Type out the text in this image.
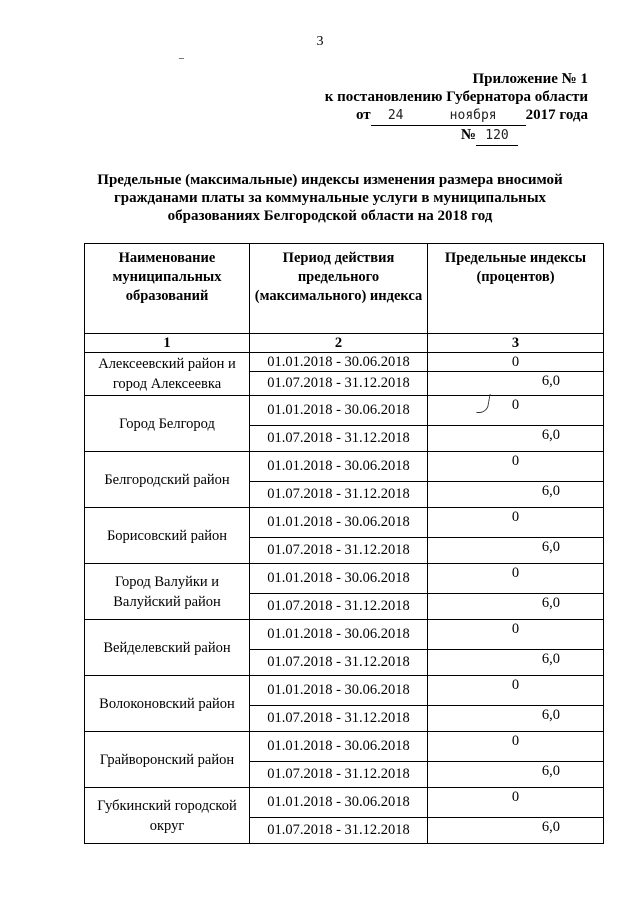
3
Приложение № 1
к постановлению Губернатора области
от 24	ноября 2017 года
№ 120
Предельные (максимальные) индексы изменения размера вносимой гражданами платы за коммунальные услуги в муниципальных образованиях Белгородской области на 2018 год
Наименование муниципальных образований	Период действия предельного (максимального) индекса	Предельные индексы (процентов)
1	2	3
Алексеевский район и город Алексеевка	01.01.2018 - 30.06.2018	0

	01.07.2018 - 31.12.2018	6,0

Город Белгород	01.01.2018 - 30.06.2018	0

	01.07.2018 - 31.12.2018	6,0

Белгородский район	01.01.2018 - 30.06.2018	0

	01.07.2018 - 31.12.2018	6,0

Борисовский район	01.01.2018 - 30.06.2018	0

	01.07.2018 - 31.12.2018	6,0

Город Валуйки и Валуйский район	01.01.2018 - 30.06.2018	0

	01.07.2018 - 31.12.2018	6,0

Вейделевский район	01.01.2018 - 30.06.2018	0

	01.07.2018 - 31.12.2018	6,0

Волоконовский район	01.01.2018 - 30.06.2018	0

	01.07.2018 - 31.12.2018	6,0

Грайворонский район	01.01.2018 - 30.06.2018	0

	01.07.2018 - 31.12.2018	6,0

Губкинский городской округ	01.01.2018 - 30.06.2018	0

	01.07.2018 - 31.12.2018	6,0
